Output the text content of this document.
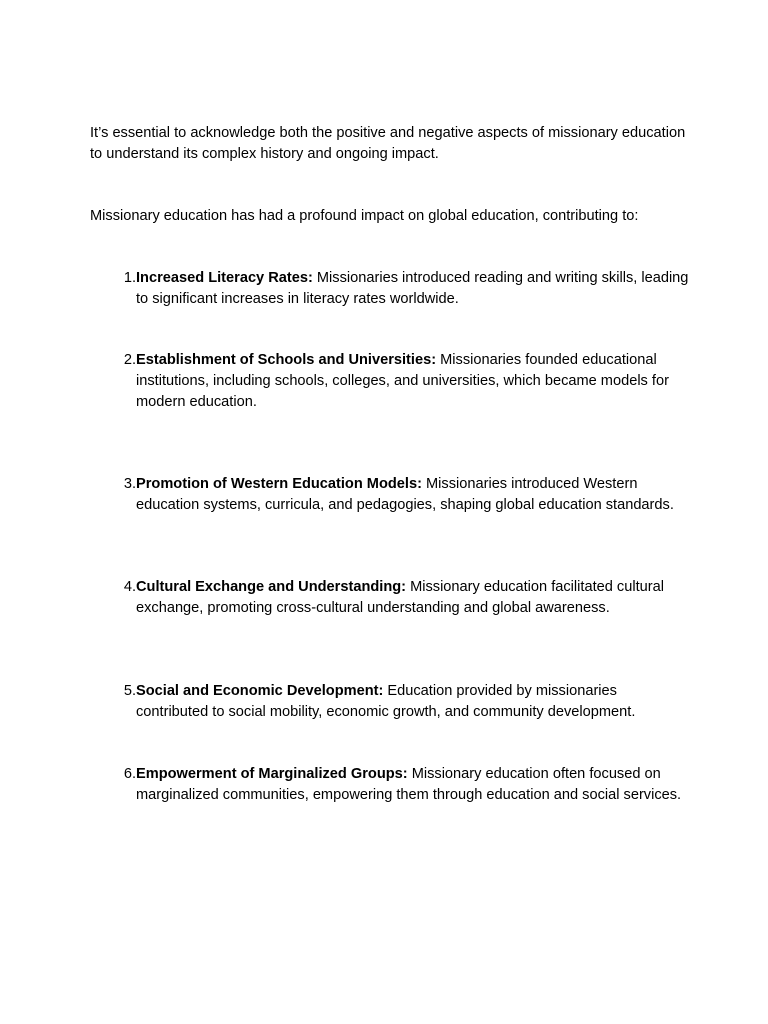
It’s essential to acknowledge both the positive and negative aspects of missionary education to understand its complex history and ongoing impact.

Missionary education has had a profound impact on global education, contributing to:

1. Increased Literacy Rates: Missionaries introduced reading and writing skills, leading to significant increases in literacy rates worldwide.
2. Establishment of Schools and Universities: Missionaries founded educational institutions, including schools, colleges, and universities, which became models for modern education.
3. Promotion of Western Education Models: Missionaries introduced Western education systems, curricula, and pedagogies, shaping global education standards.
4. Cultural Exchange and Understanding: Missionary education facilitated cultural exchange, promoting cross-cultural understanding and global awareness.
5. Social and Economic Development: Education provided by missionaries contributed to social mobility, economic growth, and community development.
6. Empowerment of Marginalized Groups: Missionary education often focused on marginalized communities, empowering them through education and social services.
